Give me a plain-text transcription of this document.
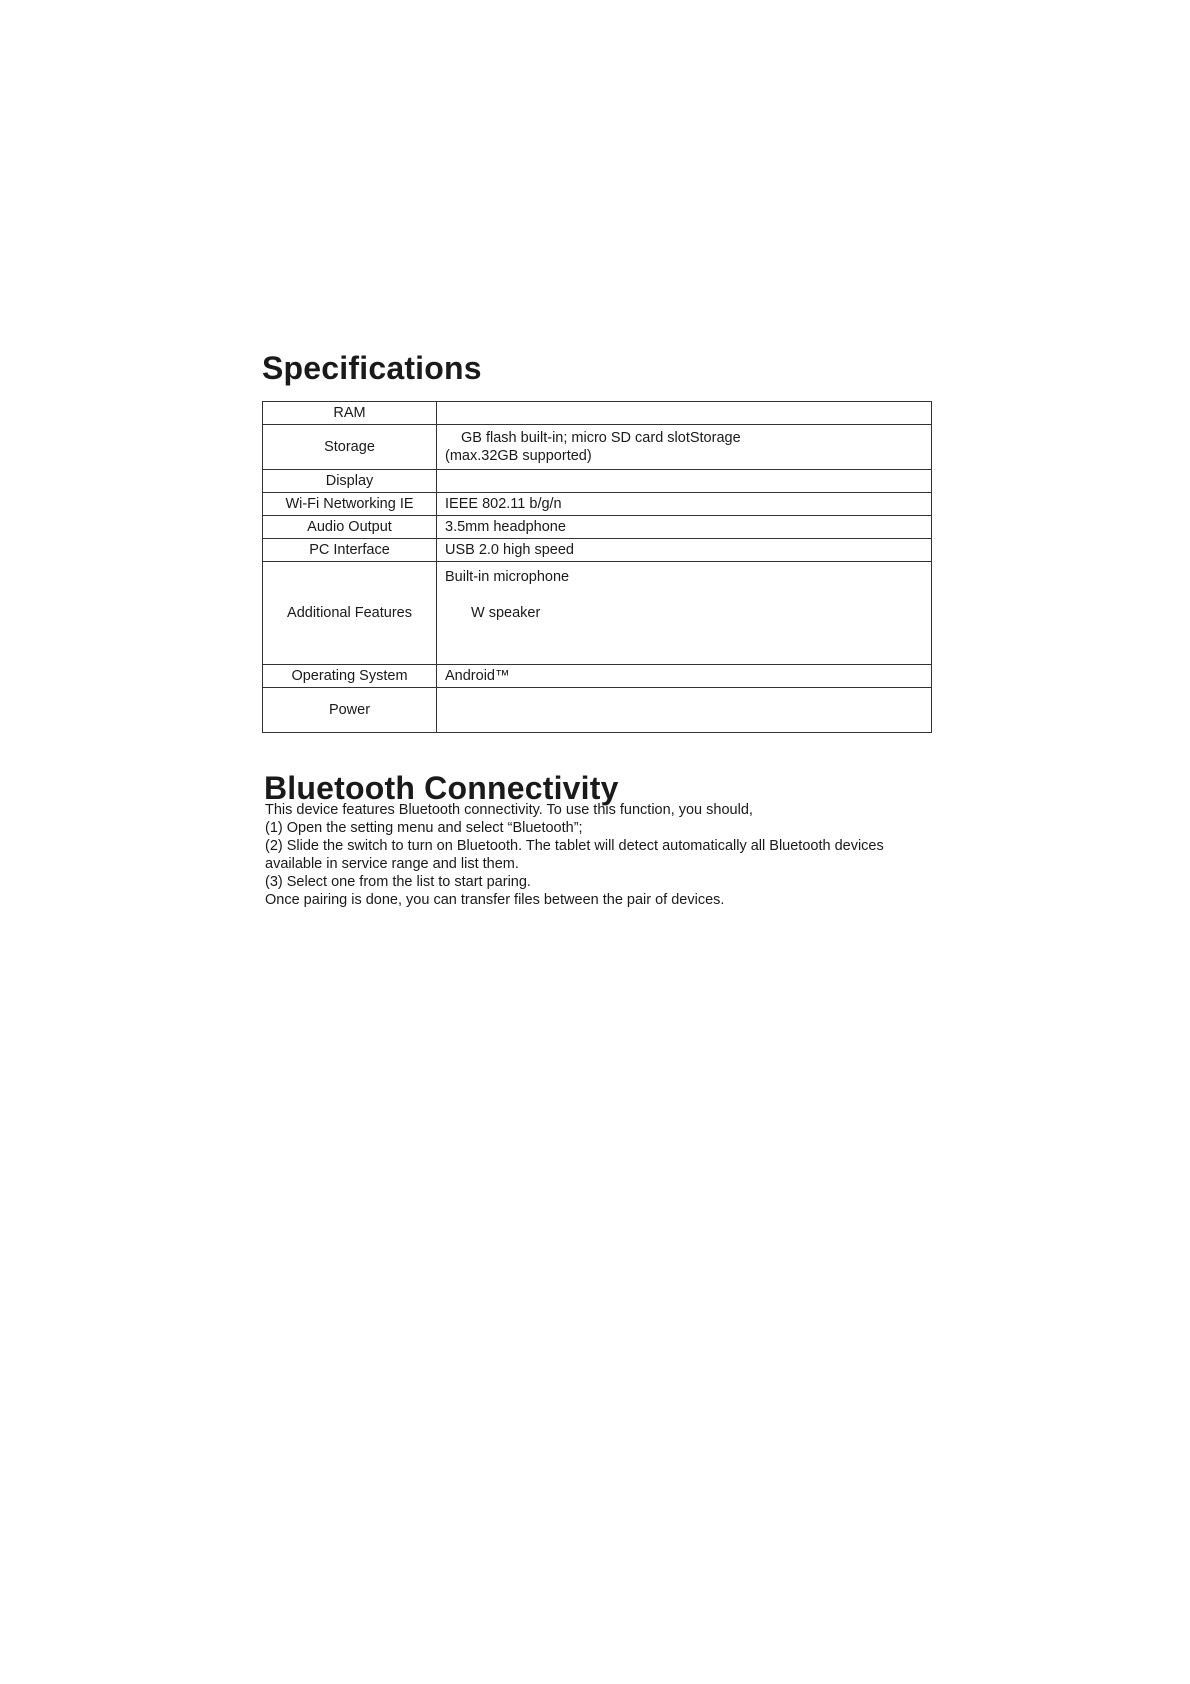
Specifications
RAM	
Storage	GB flash built-in; micro SD card slotStorage
(max.32GB supported)

Display	
Wi-Fi Networking IE	IEEE 802.11 b/g/n
Audio Output	3.5mm headphone
PC Interface	USB 2.0 high speed
Additional Features	Built-in microphone
W speaker

Operating System	Android™
Power	
Bluetooth Connectivity

This device features Bluetooth connectivity. To use this function, you should,

(1) Open the setting menu and select “Bluetooth”;

(2) Slide the switch to turn on Bluetooth. The tablet will detect automatically all Bluetooth devices

available in service range and list them.

(3) Select one from the list to start paring.

Once pairing is done, you can transfer files between the pair of devices.
